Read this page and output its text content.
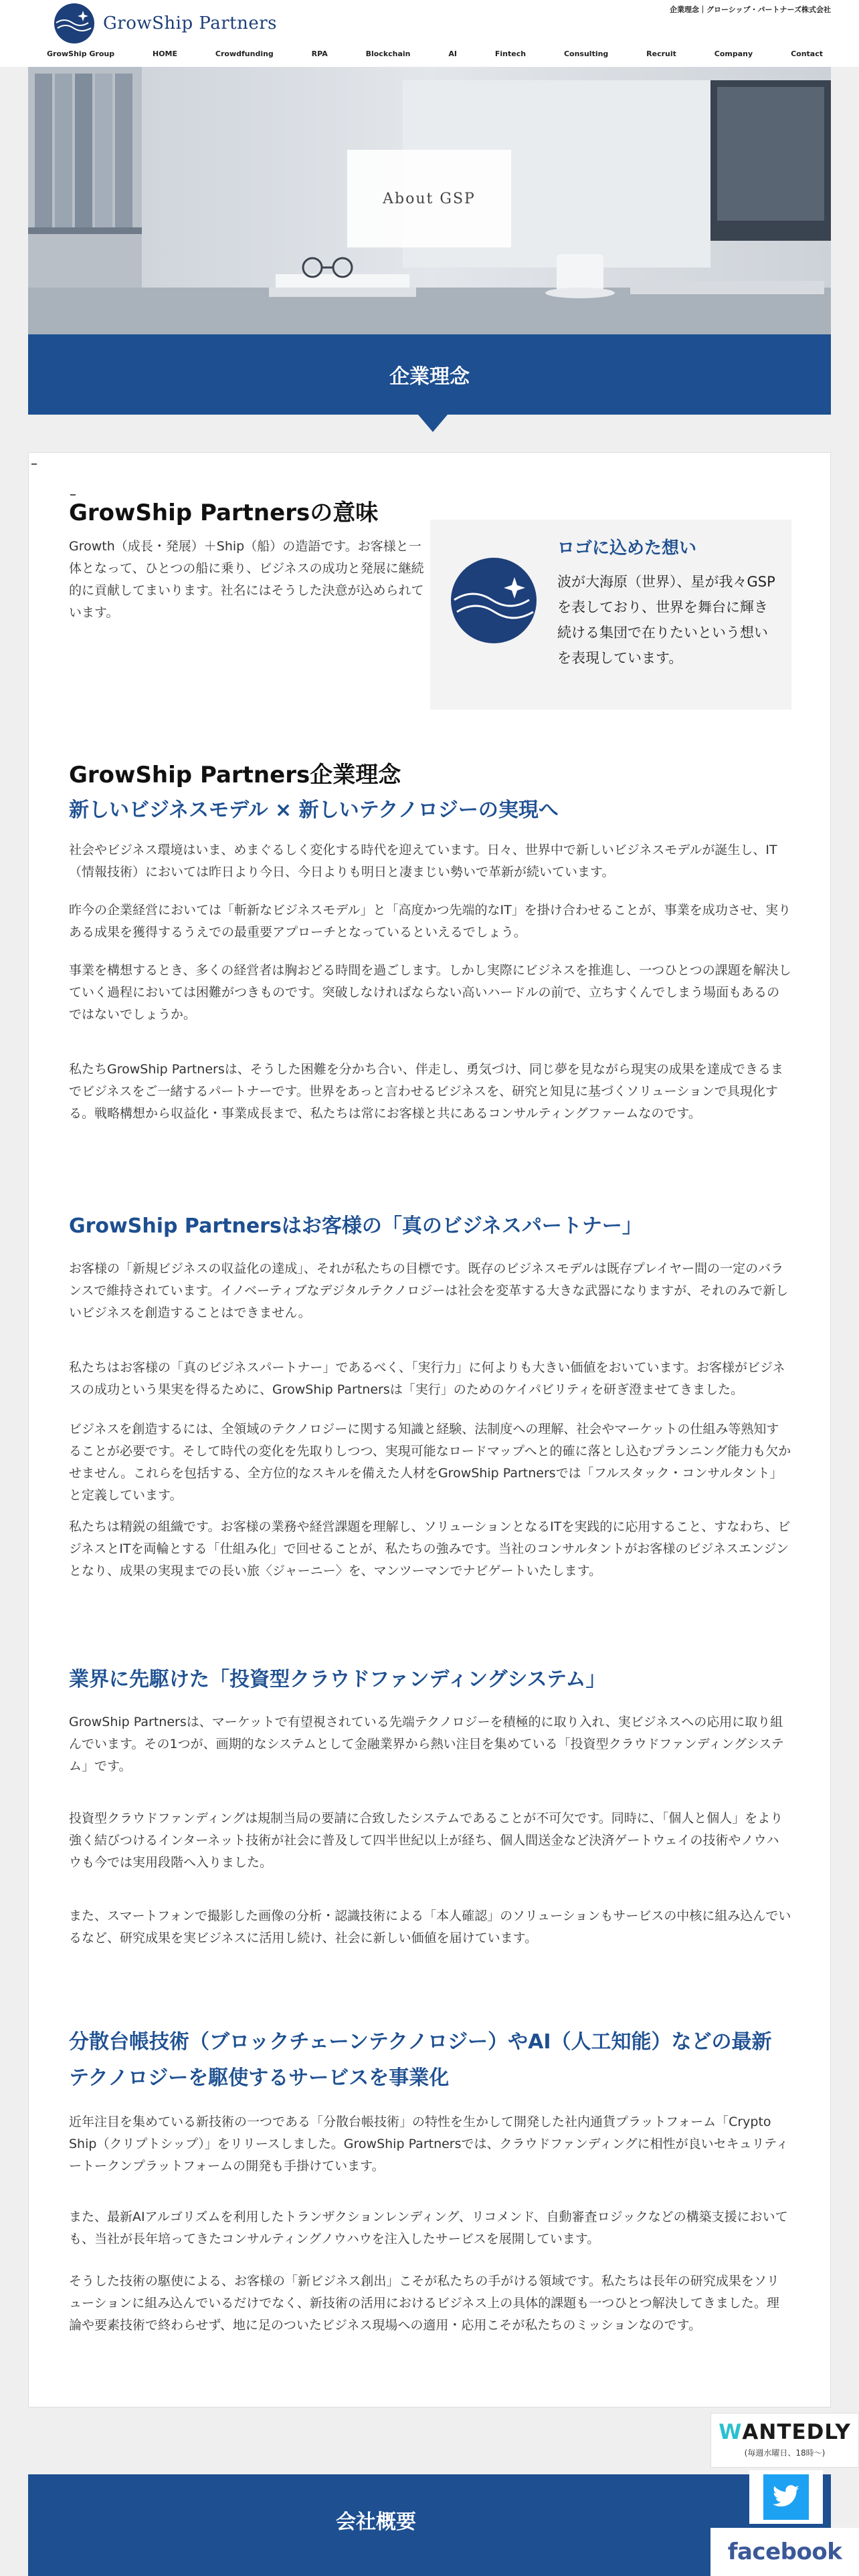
GrowShip Partners
企業理念｜グローシップ・パートナーズ株式会社
GrowShip Group	HOME	Crowdfunding	RPA	Blockchain	AI	Fintech	Consulting	Recruit	Company	Contact
About GSP
企業理念
GrowShip Partnersの意味

Growth（成長・発展）＋Ship（船）の造語です。お客様と一体となって、ひとつの船に乗り、ビジネスの成功と発展に継続的に貢献してまいります。社名にはそうした決意が込められています。

ロゴに込めた想い

波が大海原（世界）、星が我々GSPを表しており、世界を舞台に輝き続ける集団で在りたいという想いを表現しています。

GrowShip Partners企業理念
新しいビジネスモデル × 新しいテクノロジーの実現へ

社会やビジネス環境はいま、めまぐるしく変化する時代を迎えています。日々、世界中で新しいビジネスモデルが誕生し、IT（情報技術）においては昨日より今日、今日よりも明日と凄まじい勢いで革新が続いています。

昨今の企業経営においては「斬新なビジネスモデル」と「高度かつ先端的なIT」を掛け合わせることが、事業を成功させ、実りある成果を獲得するうえでの最重要アプローチとなっているといえるでしょう。

事業を構想するとき、多くの経営者は胸おどる時間を過ごします。しかし実際にビジネスを推進し、一つひとつの課題を解決していく過程においては困難がつきものです。突破しなければならない高いハードルの前で、立ちすくんでしまう場面もあるのではないでしょうか。

私たちGrowShip Partnersは、そうした困難を分かち合い、伴走し、勇気づけ、同じ夢を見ながら現実の成果を達成できるまでビジネスをご一緒するパートナーです。世界をあっと言わせるビジネスを、研究と知見に基づくソリューションで具現化する。戦略構想から収益化・事業成長まで、私たちは常にお客様と共にあるコンサルティングファームなのです。

GrowShip Partnersはお客様の「真のビジネスパートナー」

お客様の「新規ビジネスの収益化の達成」、それが私たちの目標です。既存のビジネスモデルは既存プレイヤー間の一定のバランスで維持されています。イノベーティブなデジタルテクノロジーは社会を変革する大きな武器になりますが、それのみで新しいビジネスを創造することはできません。

私たちはお客様の「真のビジネスパートナー」であるべく、「実行力」に何よりも大きい価値をおいています。お客様がビジネスの成功という果実を得るために、GrowShip Partnersは「実行」のためのケイパビリティを研ぎ澄ませてきました。

ビジネスを創造するには、全領域のテクノロジーに関する知識と経験、法制度への理解、社会やマーケットの仕組み等熟知することが必要です。そして時代の変化を先取りしつつ、実現可能なロードマップへと的確に落とし込むプランニング能力も欠かせません。これらを包括する、全方位的なスキルを備えた人材をGrowShip Partnersでは「フルスタック・コンサルタント」と定義しています。

私たちは精鋭の組織です。お客様の業務や経営課題を理解し、ソリューションとなるITを実践的に応用すること、すなわち、ビジネスとITを両輪とする「仕組み化」で回せることが、私たちの強みです。当社のコンサルタントがお客様のビジネスエンジンとなり、成果の実現までの長い旅〈ジャーニー〉を、マンツーマンでナビゲートいたします。

業界に先駆けた「投資型クラウドファンディングシステム」

GrowShip Partnersは、マーケットで有望視されている先端テクノロジーを積極的に取り入れ、実ビジネスへの応用に取り組んでいます。その1つが、画期的なシステムとして金融業界から熱い注目を集めている「投資型クラウドファンディングシステム」です。

投資型クラウドファンディングは規制当局の要請に合致したシステムであることが不可欠です。同時に、「個人と個人」をより強く結びつけるインターネット技術が社会に普及して四半世紀以上が経ち、個人間送金など決済ゲートウェイの技術やノウハウも今では実用段階へ入りました。

また、スマートフォンで撮影した画像の分析・認識技術による「本人確認」のソリューションもサービスの中核に組み込んでいるなど、研究成果を実ビジネスに活用し続け、社会に新しい価値を届けています。

分散台帳技術（ブロックチェーンテクノロジー）やAI（人工知能）などの最新テクノロジーを駆使するサービスを事業化

近年注目を集めている新技術の一つである「分散台帳技術」の特性を生かして開発した社内通貨プラットフォーム「Crypto Ship（クリプトシップ）」をリリースしました。GrowShip Partnersでは、クラウドファンディングに相性が良いセキュリティートークンプラットフォームの開発も手掛けています。

また、最新AIアルゴリズムを利用したトランザクションレンディング、リコメンド、自動審査ロジックなどの構築支援においても、当社が長年培ってきたコンサルティングノウハウを注入したサービスを展開しています。

そうした技術の駆使による、お客様の「新ビジネス創出」こそが私たちの手がける領域です。私たちは長年の研究成果をソリューションに組み込んでいるだけでなく、新技術の活用におけるビジネス上の具体的課題も一つひとつ解決してきました。理論や要素技術で終わらせず、地に足のついたビジネス現場への適用・応用こそが私たちのミッションなのです。

会社概要
WANTEDLY
(毎週水曜日、18時〜)
facebook
